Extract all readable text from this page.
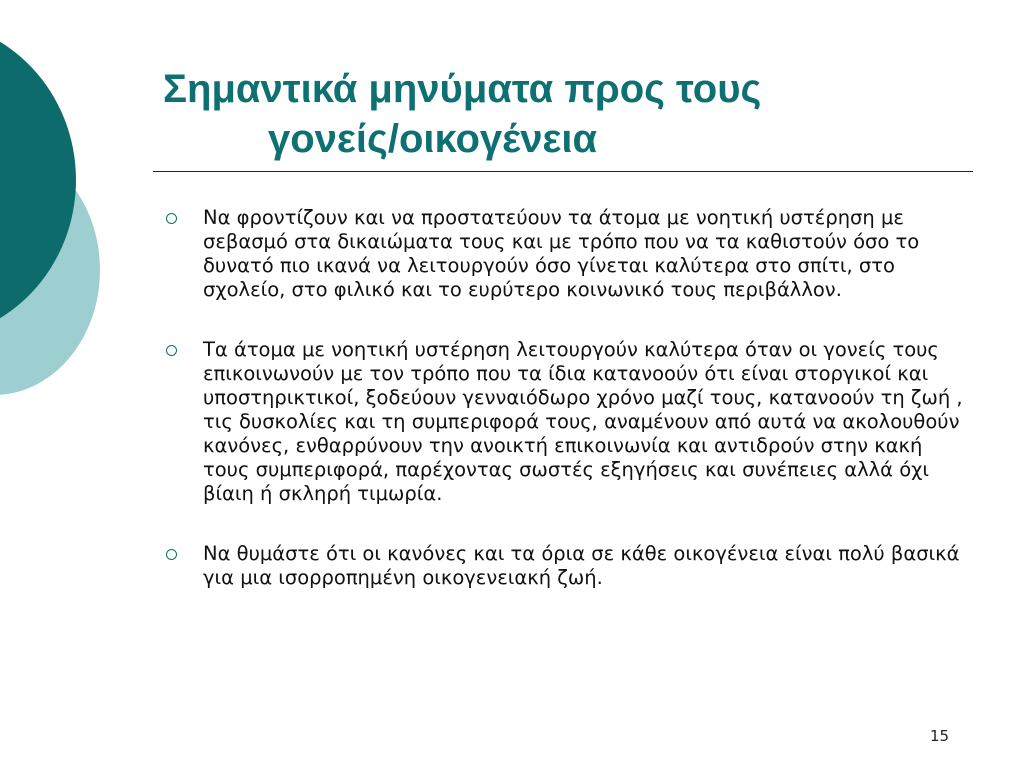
Σημαντικά μηνύματα προς τους
γονείς/οικογένεια
Να φροντίζουν και να προστατεύουν τα άτομα με νοητική υστέρηση με σεβασμό στα δικαιώματα τους και με τρόπο που να τα καθιστούν όσο το δυνατό πιο ικανά να λειτουργούν όσο γίνεται καλύτερα στο σπίτι, στο σχολείο, στο φιλικό και το ευρύτερο κοινωνικό τους περιβάλλον.
Τα άτομα με νοητική υστέρηση λειτουργούν καλύτερα όταν οι γονείς τους επικοινωνούν με τον τρόπο που τα ίδια κατανοούν ότι είναι στοργικοί και υποστηρικτικοί, ξοδεύουν γενναιόδωρο χρόνο μαζί τους, κατανοούν τη ζωή , τις δυσκολίες και τη συμπεριφορά τους, αναμένουν από αυτά να ακολουθούν κανόνες, ενθαρρύνουν την ανοικτή επικοινωνία και αντιδρούν στην κακή τους συμπεριφορά, παρέχοντας σωστές εξηγήσεις και συνέπειες αλλά όχι βίαιη ή σκληρή τιμωρία.
Να θυμάστε ότι οι κανόνες και τα όρια σε κάθε οικογένεια είναι πολύ βασικά για μια ισορροπημένη οικογενειακή ζωή.
15
